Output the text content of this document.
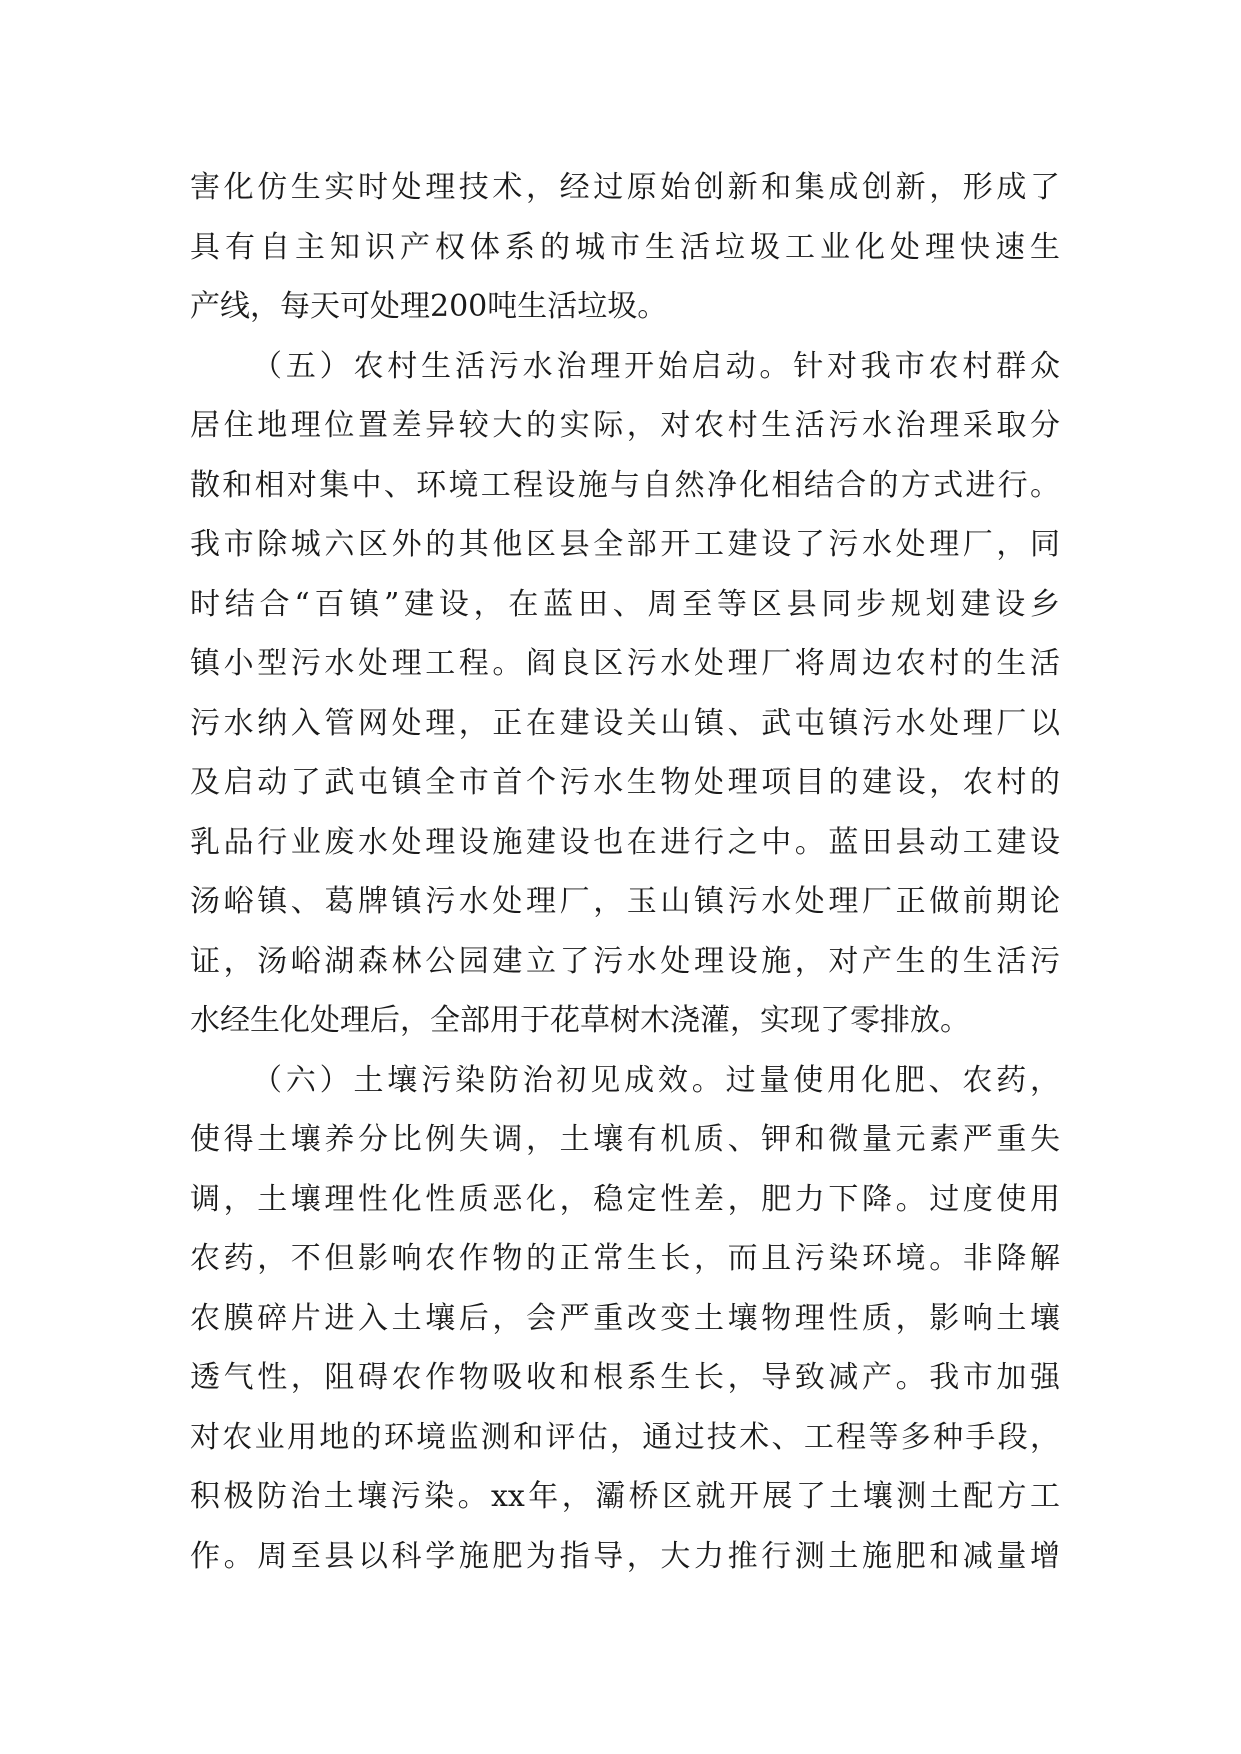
害化仿生实时处理技术，经过原始创新和集成创新，形成了
具有自主知识产权体系的城市生活垃圾工业化处理快速生
产线，每天可处理200吨生活垃圾。
（五）农村生活污水治理开始启动。针对我市农村群众
居住地理位置差异较大的实际，对农村生活污水治理采取分
散和相对集中、环境工程设施与自然净化相结合的方式进行。
我市除城六区外的其他区县全部开工建设了污水处理厂，同
时结合“百镇”建设，在蓝田、周至等区县同步规划建设乡
镇小型污水处理工程。阎良区污水处理厂将周边农村的生活
污水纳入管网处理，正在建设关山镇、武屯镇污水处理厂以
及启动了武屯镇全市首个污水生物处理项目的建设，农村的
乳品行业废水处理设施建设也在进行之中。蓝田县动工建设
汤峪镇、葛牌镇污水处理厂，玉山镇污水处理厂正做前期论
证，汤峪湖森林公园建立了污水处理设施，对产生的生活污
水经生化处理后，全部用于花草树木浇灌，实现了零排放。
（六）土壤污染防治初见成效。过量使用化肥、农药，
使得土壤养分比例失调，土壤有机质、钾和微量元素严重失
调，土壤理性化性质恶化，稳定性差，肥力下降。过度使用
农药，不但影响农作物的正常生长，而且污染环境。非降解
农膜碎片进入土壤后，会严重改变土壤物理性质，影响土壤
透气性，阻碍农作物吸收和根系生长，导致减产。我市加强
对农业用地的环境监测和评估，通过技术、工程等多种手段，
积极防治土壤污染。xx年，灞桥区就开展了土壤测土配方工
作。周至县以科学施肥为指导，大力推行测土施肥和减量增
